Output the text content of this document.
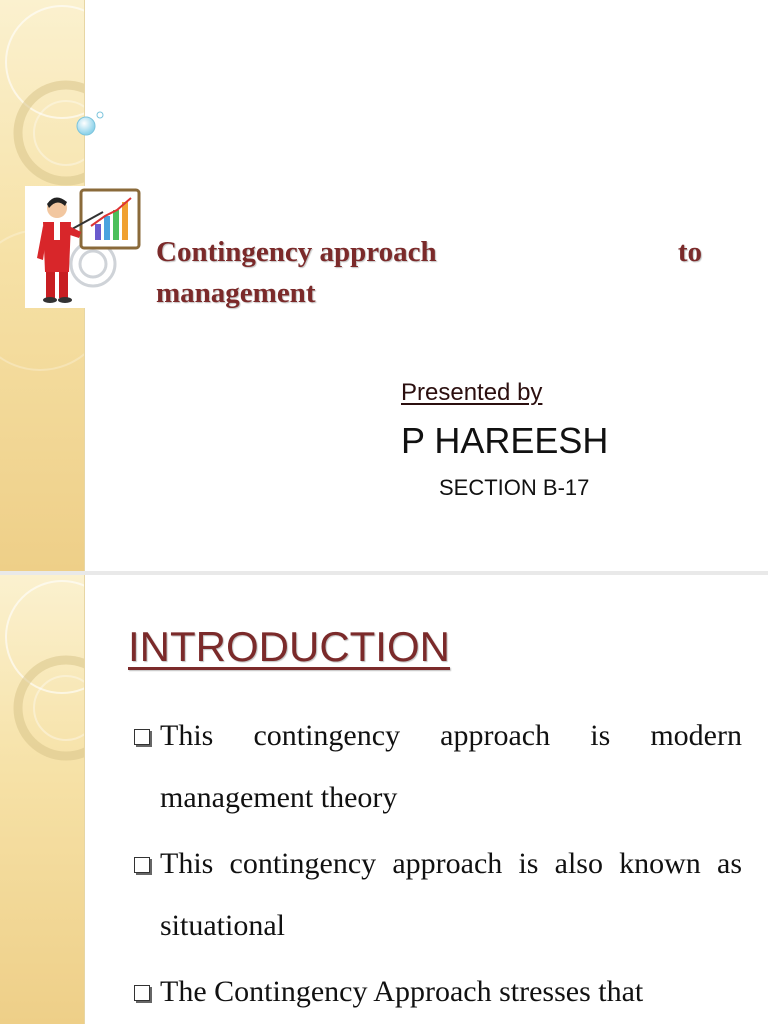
Contingency approach	to
management
Presented by
P HAREESH
SECTION B-17
INTRODUCTION
This contingency approach is modern management theory
This contingency approach is also known as situational
The Contingency Approach stresses that
